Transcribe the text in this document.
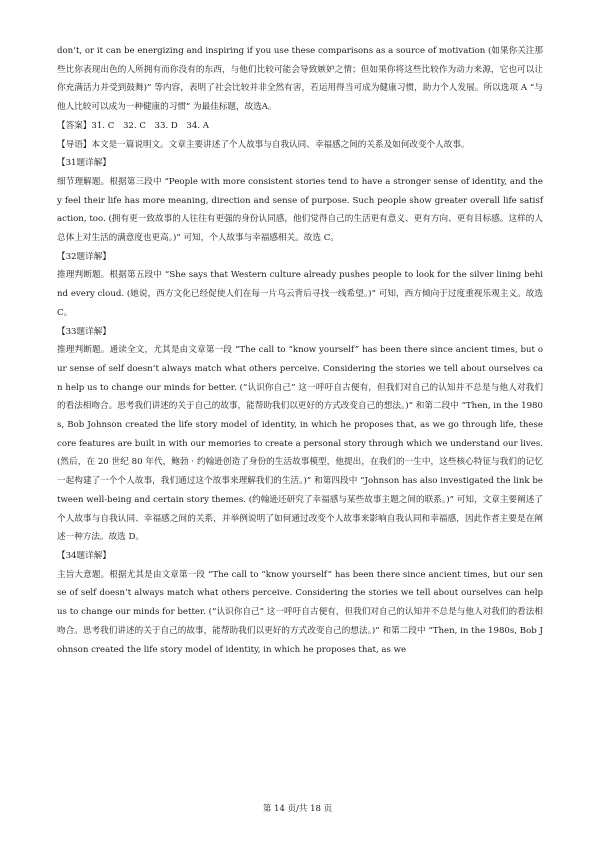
don’t, or it can be energizing and inspiring if you use these comparisons as a source of motivation (如果你关注那些比你表现出色的人所拥有而你没有的东西，与他们比较可能会导致嫉妒之情；但如果你将这些比较作为动力来源，它也可以让你充满活力并受到鼓舞)” 等内容，表明了社会比较并非全然有害，若运用得当可成为健康习惯，助力个人发展。所以选项 A “与他人比较可以成为一种健康的习惯” 为最佳标题，故选A。

【答案】31. C　32. C　33. D　34. A

【导语】本文是一篇说明文。文章主要讲述了个人故事与自我认同、幸福感之间的关系及如何改变个人故事。

【31题详解】

细节理解题。根据第三段中 “People with more consistent stories tend to have a stronger sense of identity, and they feel their life has more meaning, direction and sense of purpose. Such people show greater overall life satisfaction, too. (拥有更一致故事的人往往有更强的身份认同感，他们觉得自己的生活更有意义、更有方向、更有目标感。这样的人总体上对生活的满意度也更高。)” 可知，个人故事与幸福感相关。故选 C。

【32题详解】

推理判断题。根据第五段中 “She says that Western culture already pushes people to look for the silver lining behind every cloud. (她说，西方文化已经促使人们在每一片乌云背后寻找一线希望。)” 可知，西方倾向于过度重视乐观主义。故选 C。

【33题详解】

推理判断题。通读全文，尤其是由文章第一段 “The call to “know yourself” has been there since ancient times, but our sense of self doesn’t always match what others perceive. Considering the stories we tell about ourselves can help us to change our minds for better. (“认识你自己” 这一呼吁自古便有，但我们对自己的认知并不总是与他人对我们的看法相吻合。思考我们讲述的关于自己的故事，能帮助我们以更好的方式改变自己的想法。)” 和第二段中 “Then, in the 1980s, Bob Johnson created the life story model of identity, in which he proposes that, as we go through life, these core features are built in with our memories to create a personal story through which we understand our lives. (然后，在 20 世纪 80 年代，鲍勃 · 约翰逊创造了身份的生活故事模型，他提出，在我们的一生中，这些核心特征与我们的记忆一起构建了一个个人故事，我们通过这个故事来理解我们的生活。)” 和第四段中 “Johnson has also investigated the link between well-being and certain story themes. (约翰逊还研究了幸福感与某些故事主题之间的联系。)” 可知，文章主要阐述了个人故事与自我认同、幸福感之间的关系，并举例说明了如何通过改变个人故事来影响自我认同和幸福感，因此作者主要是在阐述一种方法。故选 D。

【34题详解】

主旨大意题。根据尤其是由文章第一段 “The call to “know yourself” has been there since ancient times, but our sense of self doesn’t always match what others perceive. Considering the stories we tell about ourselves can help us to change our minds for better. (“认识你自己” 这一呼吁自古便有，但我们对自己的认知并不总是与他人对我们的看法相吻合。思考我们讲述的关于自己的故事，能帮助我们以更好的方式改变自己的想法。)” 和第二段中 “Then, in the 1980s, Bob Johnson created the life story model of identity, in which he proposes that, as we

第 14 页/共 18 页
